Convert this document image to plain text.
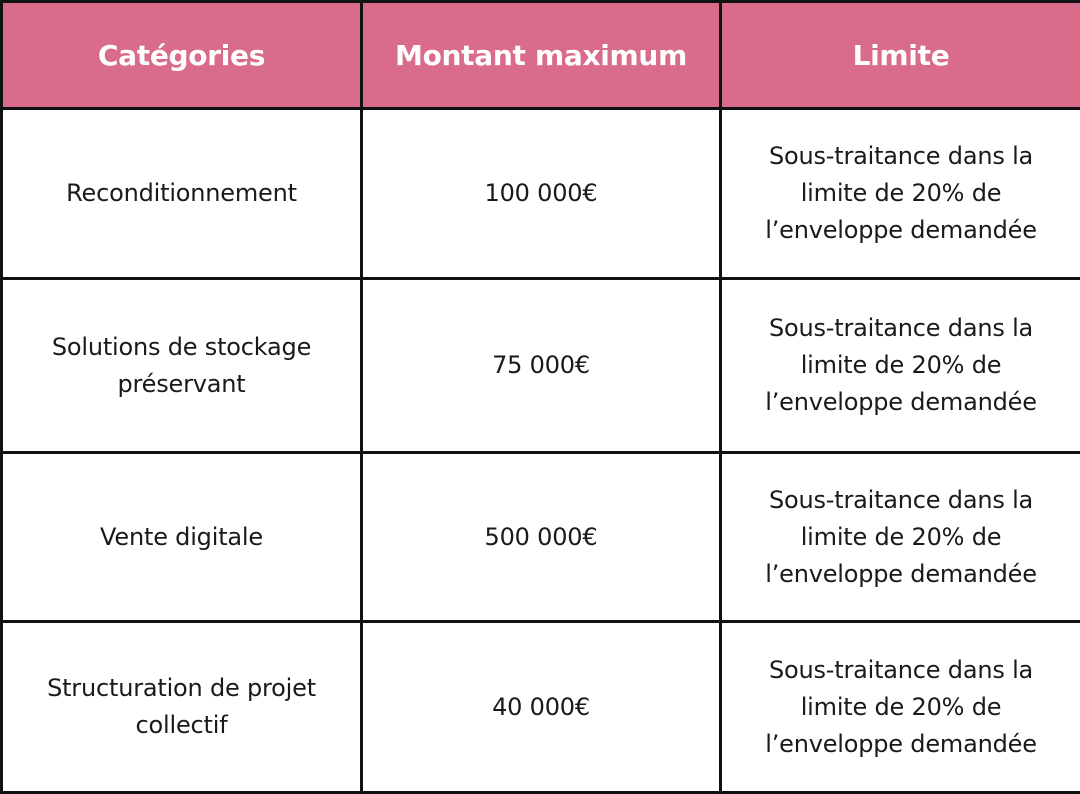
Catégories	Montant maximum	Limite
Reconditionnement	100 000€	Sous-traitance dans la
limite de 20% de
l’enveloppe demandée

Solutions de stockage
préservant	75 000€	Sous-traitance dans la
limite de 20% de
l’enveloppe demandée

Vente digitale	500 000€	Sous-traitance dans la
limite de 20% de
l’enveloppe demandée

Structuration de projet
collectif	40 000€	Sous-traitance dans la
limite de 20% de
l’enveloppe demandée
